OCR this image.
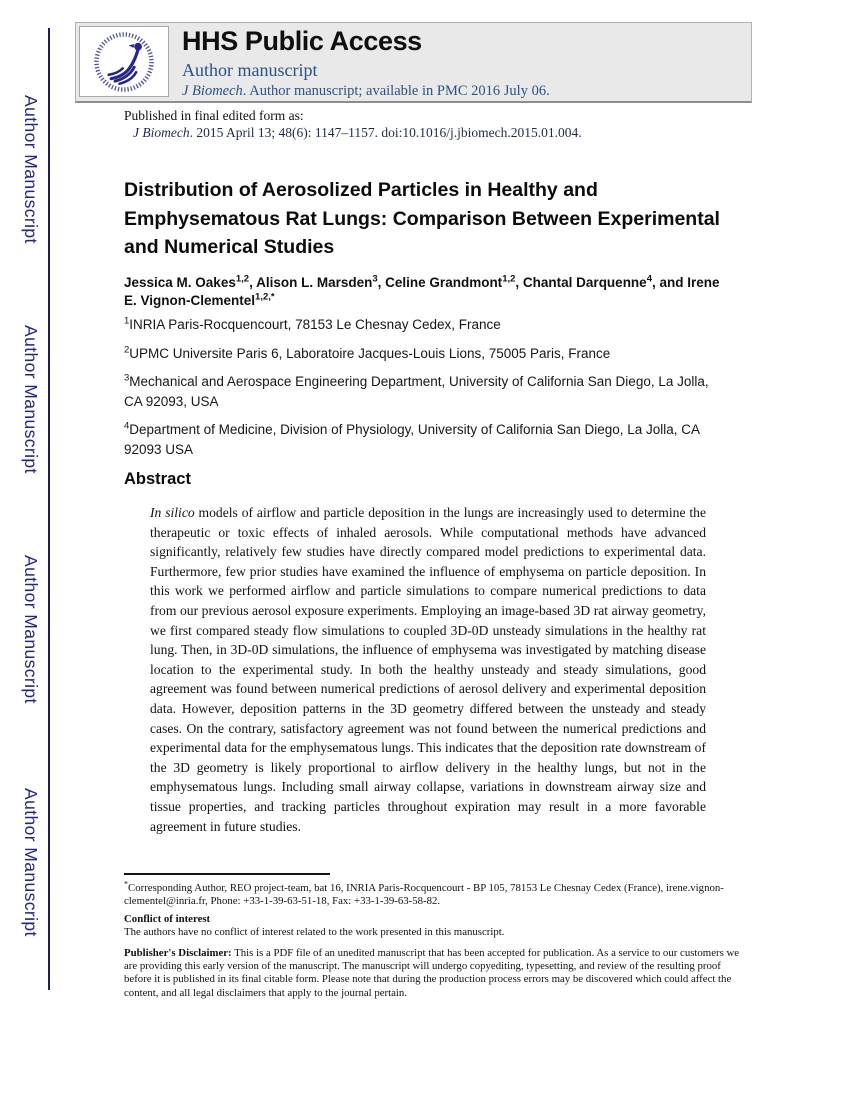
Author Manuscript
Author Manuscript
Author Manuscript
Author Manuscript
HHS Public Access
Author manuscript
J Biomech. Author manuscript; available in PMC 2016 July 06.
Published in final edited form as:
J Biomech. 2015 April 13; 48(6): 1147–1157. doi:10.1016/j.jbiomech.2015.01.004.
Distribution of Aerosolized Particles in Healthy and
Emphysematous Rat Lungs: Comparison Between Experimental
and Numerical Studies
Jessica M. Oakes$^{1,2}$, Alison L. Marsden$^3$, Celine Grandmont$^{1,2}$, Chantal Darquenne$^4$, and Irene E. Vignon-Clementel$^{1,2,*}$

$^1$INRIA Paris-Rocquencourt, 78153 Le Chesnay Cedex, France

$^2$UPMC Universite Paris 6, Laboratoire Jacques-Louis Lions, 75005 Paris, France

$^3$Mechanical and Aerospace Engineering Department, University of California San Diego, La Jolla, CA 92093, USA

$^4$Department of Medicine, Division of Physiology, University of California San Diego, La Jolla, CA 92093 USA

Abstract
In silico models of airflow and particle deposition in the lungs are increasingly used to determine the therapeutic or toxic effects of inhaled aerosols. While computational methods have advanced significantly, relatively few studies have directly compared model predictions to experimental data. Furthermore, few prior studies have examined the influence of emphysema on particle deposition. In this work we performed airflow and particle simulations to compare numerical predictions to data from our previous aerosol exposure experiments. Employing an image-based 3D rat airway geometry, we first compared steady flow simulations to coupled 3D-0D unsteady simulations in the healthy rat lung. Then, in 3D-0D simulations, the influence of emphysema was investigated by matching disease location to the experimental study. In both the healthy unsteady and steady simulations, good agreement was found between numerical predictions of aerosol delivery and experimental deposition data. However, deposition patterns in the 3D geometry differed between the unsteady and steady cases. On the contrary, satisfactory agreement was not found between the numerical predictions and experimental data for the emphysematous lungs. This indicates that the deposition rate downstream of the 3D geometry is likely proportional to airflow delivery in the healthy lungs, but not in the emphysematous lungs. Including small airway collapse, variations in downstream airway size and tissue properties, and tracking particles throughout expiration may result in a more favorable agreement in future studies.

*Corresponding Author, REO project-team, bat 16, INRIA Paris-Rocquencourt - BP 105, 78153 Le Chesnay Cedex (France), irene.vignon-clementel@inria.fr, Phone: +33-1-39-63-51-18, Fax: +33-1-39-63-58-82.

Conflict of interest

The authors have no conflict of interest related to the work presented in this manuscript.

Publisher's Disclaimer: This is a PDF file of an unedited manuscript that has been accepted for publication. As a service to our customers we are providing this early version of the manuscript. The manuscript will undergo copyediting, typesetting, and review of the resulting proof before it is published in its final citable form. Please note that during the production process errors may be discovered which could affect the content, and all legal disclaimers that apply to the journal pertain.
